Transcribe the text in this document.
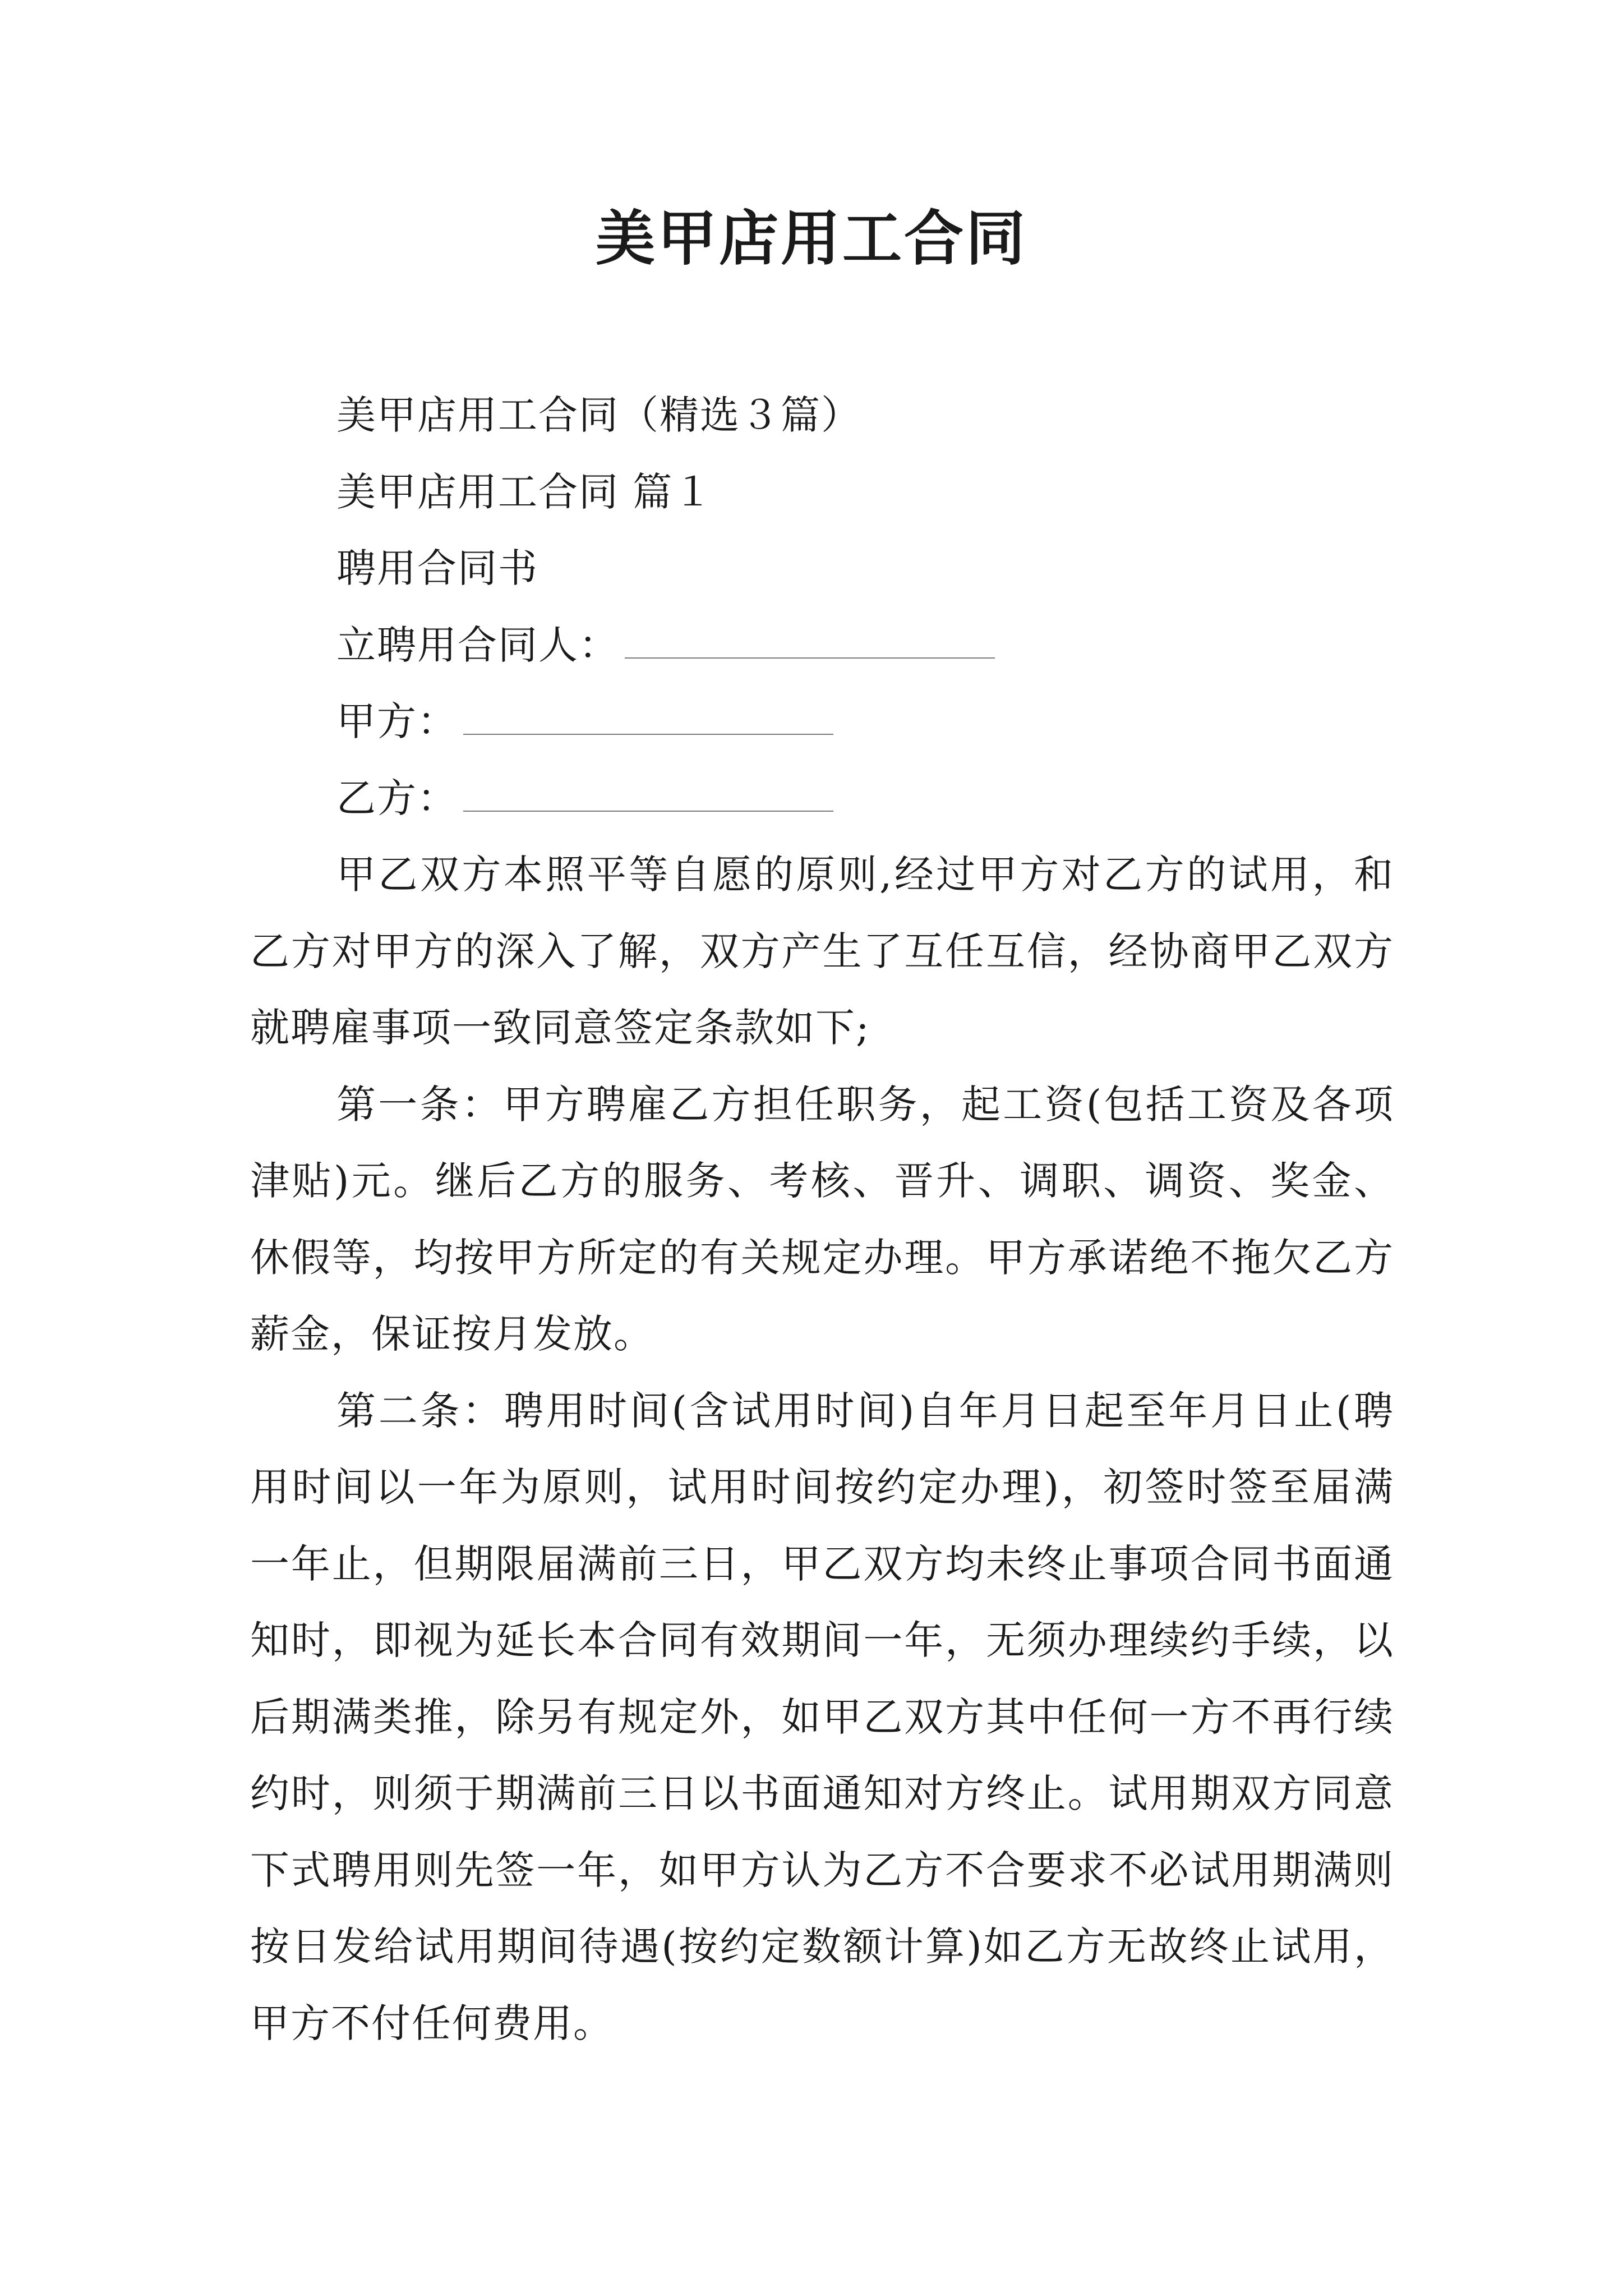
美甲店用工合同
美甲店用工合同（精选３篇）
美甲店用工合同 篇１
聘用合同书
立聘用合同人：
甲方：
乙方：
甲乙双方本照平等自愿的原则,经过甲方对乙方的试用，和乙方对甲方的深入了解，双方产生了互任互信，经协商甲乙双方就聘雇事项一致同意签定条款如下;
第一条：甲方聘雇乙方担任职务，起工资(包括工资及各项津贴)元。继后乙方的服务、考核、晋升、调职、调资、奖金、休假等，均按甲方所定的有关规定办理。甲方承诺绝不拖欠乙方薪金，保证按月发放。
第二条：聘用时间(含试用时间)自年月日起至年月日止(聘用时间以一年为原则，试用时间按约定办理)，初签时签至届满一年止，但期限届满前三日，甲乙双方均未终止事项合同书面通知时，即视为延长本合同有效期间一年，无须办理续约手续，以后期满类推，除另有规定外，如甲乙双方其中任何一方不再行续约时，则须于期满前三日以书面通知对方终止。试用期双方同意下式聘用则先签一年，如甲方认为乙方不合要求不必试用期满则按日发给试用期间待遇(按约定数额计算)如乙方无故终止试用，甲方不付任何费用。
